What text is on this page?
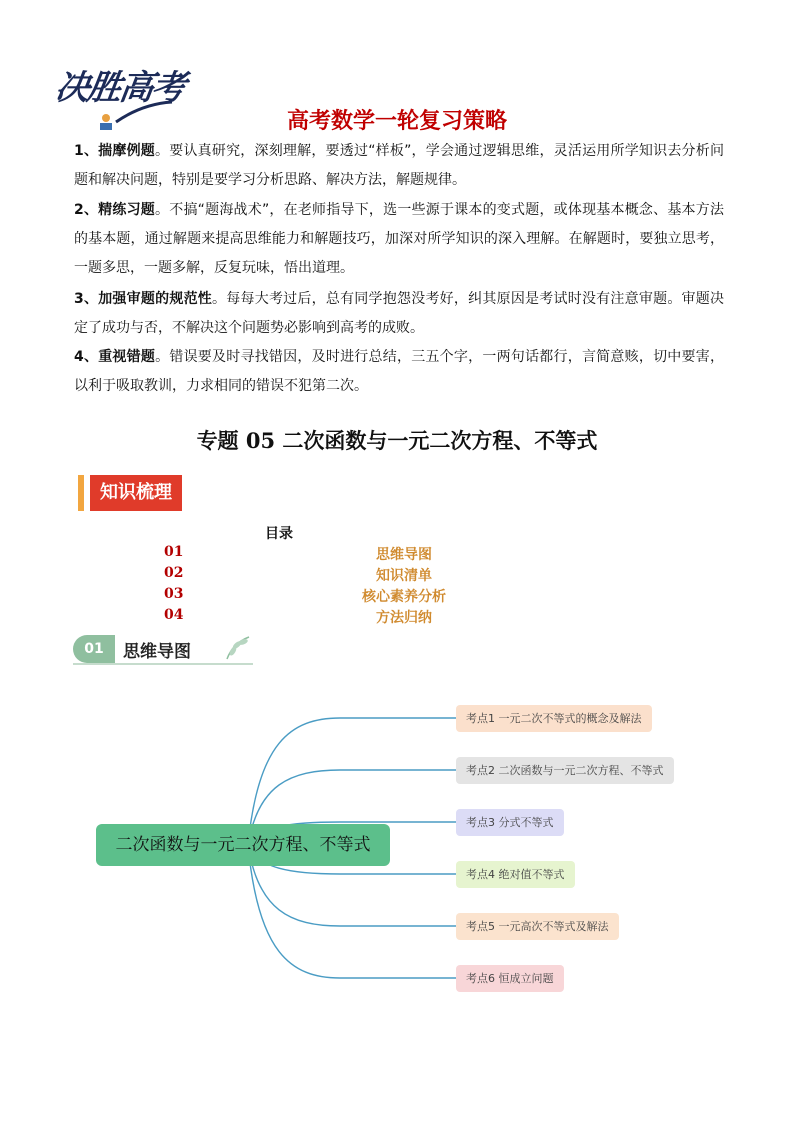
决胜高考
高考数学一轮复习策略

1、揣摩例题。要认真研究，深刻理解，要透过“样板”，学会通过逻辑思维，灵活运用所学知识去分析问题和解决问题，特别是要学习分析思路、解决方法，解题规律。

2、精练习题。不搞“题海战术”，在老师指导下，选一些源于课本的变式题，或体现基本概念、基本方法的基本题，通过解题来提高思维能力和解题技巧，加深对所学知识的深入理解。在解题时，要独立思考，一题多思，一题多解，反复玩味，悟出道理。

3、加强审题的规范性。每每大考过后，总有同学抱怨没考好，纠其原因是考试时没有注意审题。审题决定了成功与否，不解决这个问题势必影响到高考的成败。

4、重视错题。错误要及时寻找错因，及时进行总结，三五个字，一两句话都行，言简意赅，切中要害，以利于吸取教训，力求相同的错误不犯第二次。

专题 05 二次函数与一元二次方程、不等式
知识梳理
目录
01	思维导图
02	知识清单
03	核心素养分析
04	方法归纳
01	思维导图
二次函数与一元二次方程、不等式
考点1 一元二次不等式的概念及解法
考点2 二次函数与一元二次方程、不等式
考点3 分式不等式
考点4 绝对值不等式
考点5 一元高次不等式及解法
考点6 恒成立问题
